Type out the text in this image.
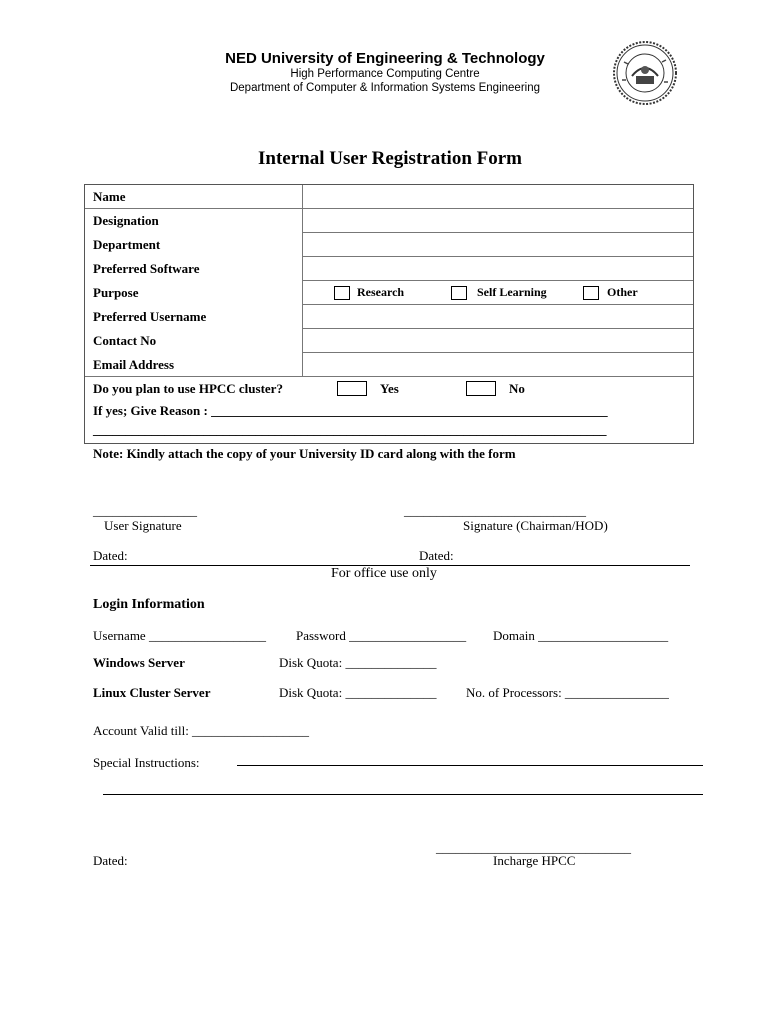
NED University of Engineering & Technology
High Performance Computing Centre
Department of Computer & Information Systems Engineering
Internal User Registration Form
Name
Designation
Department
Preferred Software
Purpose	Research	Self Learning	Other
Preferred Username
Contact No
Email Address
Do you plan to use HPCC cluster?	Yes	No
If yes; Give Reason : _____________________________________________________________
_______________________________________________________________________________
Note: Kindly attach the copy of your University ID card along with the form
________________
User Signature
____________________________
Signature (Chairman/HOD)
Dated:	Dated:
For office use only
Login Information
Username __________________ Password __________________ Domain ____________________
Windows Server	Disk Quota: ______________
Linux Cluster Server	Disk Quota: ______________ No. of Processors: ________________
Account Valid till: __________________
Special Instructions:
______________________________
Dated:	Incharge HPCC
